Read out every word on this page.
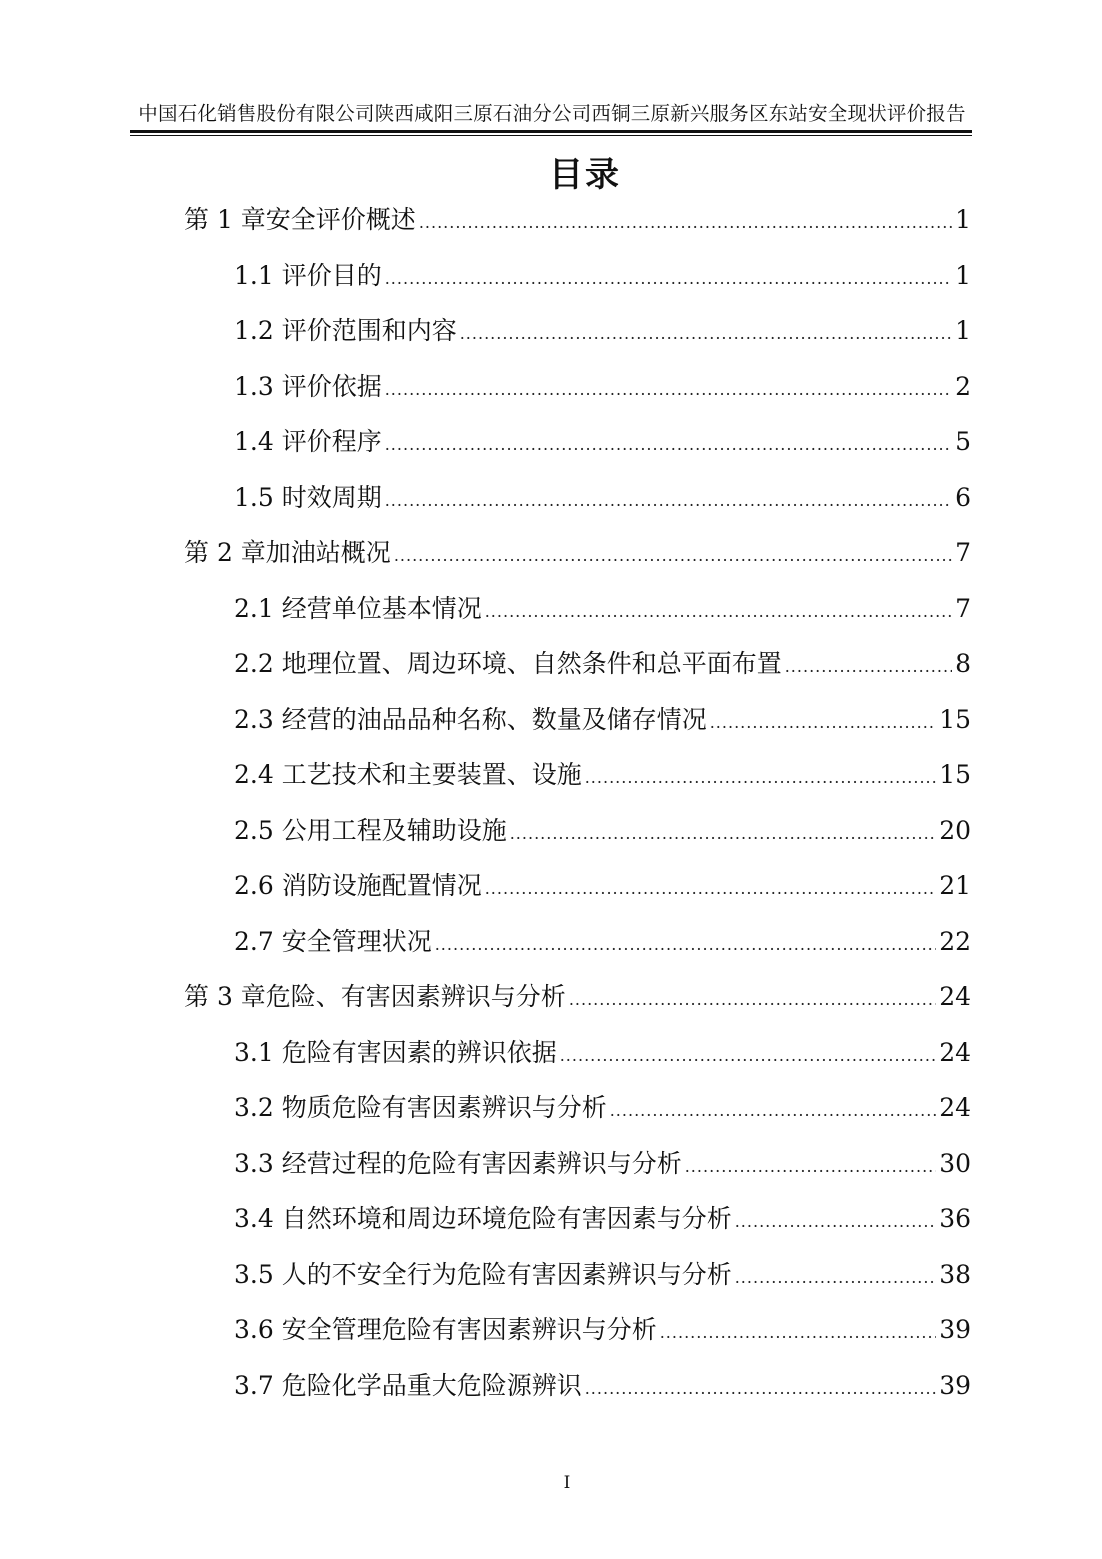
中国石化销售股份有限公司陕西咸阳三原石油分公司西铜三原新兴服务区东站安全现状评价报告
目录
第 1 章安全评价概述 .....	1
1.1 评价目的 .....	1
1.2 评价范围和内容 .....	1
1.3 评价依据 .....	2
1.4 评价程序 .....	5
1.5 时效周期 .....	6
第 2 章加油站概况 .....	7
2.1 经营单位基本情况 .....	7
2.2 地理位置、周边环境、自然条件和总平面布置 .....	8
2.3 经营的油品品种名称、数量及储存情况 .....	15
2.4 工艺技术和主要装置、设施 .....	15
2.5 公用工程及辅助设施 .....	20
2.6 消防设施配置情况 .....	21
2.7 安全管理状况 .....	22
第 3 章危险、有害因素辨识与分析 .....	24
3.1 危险有害因素的辨识依据 .....	24
3.2 物质危险有害因素辨识与分析 .....	24
3.3 经营过程的危险有害因素辨识与分析 .....	30
3.4 自然环境和周边环境危险有害因素与分析 .....	36
3.5 人的不安全行为危险有害因素辨识与分析 .....	38
3.6 安全管理危险有害因素辨识与分析 .....	39
3.7 危险化学品重大危险源辨识 .....	39
I
